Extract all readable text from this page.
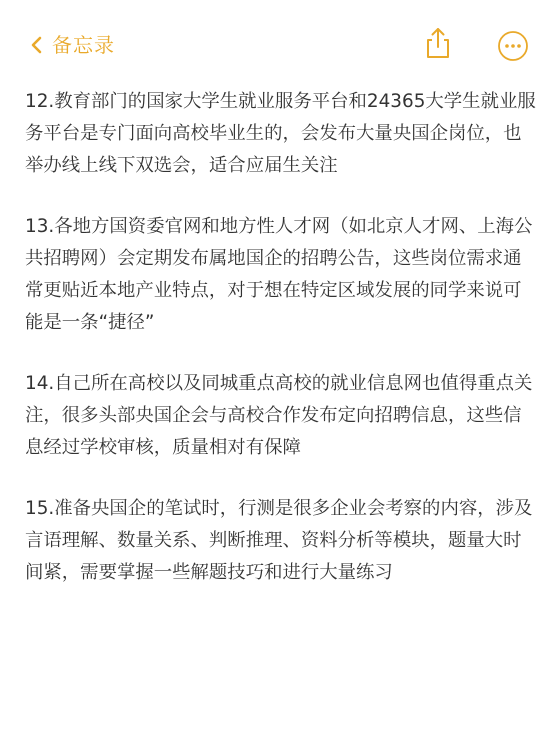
备忘录

12.教育部门的国家大学生就业服务平台和24365大学生就业服务平台是专门面向高校毕业生的，会发布大量央国企岗位，也举办线上线下双选会，适合应届生关注

13.各地方国资委官网和地方性人才网（如北京人才网、上海公共招聘网）会定期发布属地国企的招聘公告，这些岗位需求通常更贴近本地产业特点，对于想在特定区域发展的同学来说可能是一条“捷径”

14.自己所在高校以及同城重点高校的就业信息网也值得重点关注，很多头部央国企会与高校合作发布定向招聘信息，这些信息经过学校审核，质量相对有保障

15.准备央国企的笔试时，行测是很多企业会考察的内容，涉及言语理解、数量关系、判断推理、资料分析等模块，题量大时间紧，需要掌握一些解题技巧和进行大量练习
